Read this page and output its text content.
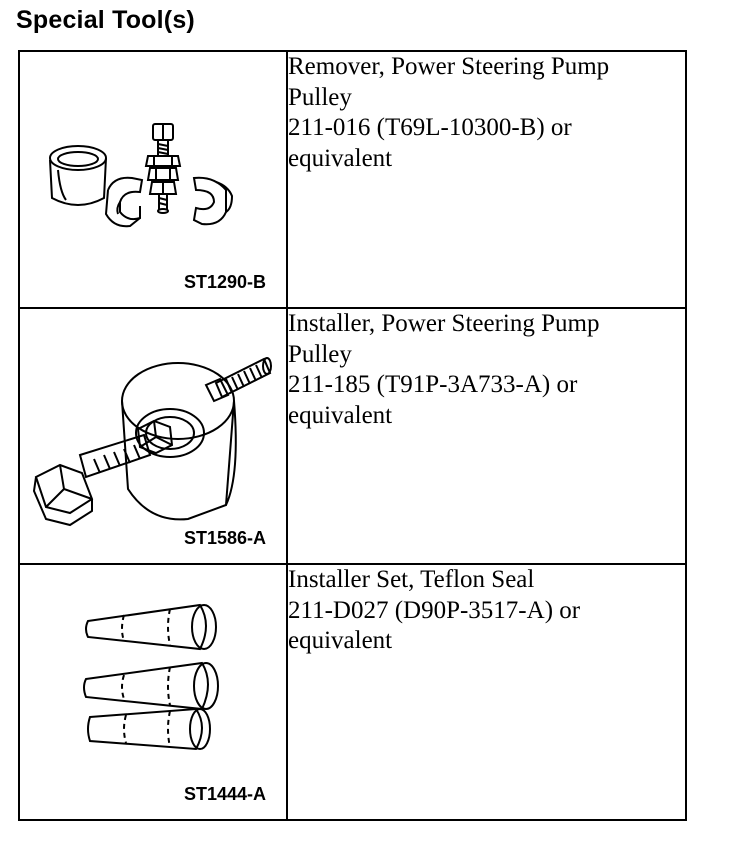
Special Tool(s)
ST1290-B	Remover, Power Steering Pump
Pulley
211-016 (T69L-10300-B) or
equivalent

ST1586-A	Installer, Power Steering Pump
Pulley
211-185 (T91P-3A733-A) or
equivalent

ST1444-A	Installer Set, Teflon Seal
211-D027 (D90P-3517-A) or
equivalent
